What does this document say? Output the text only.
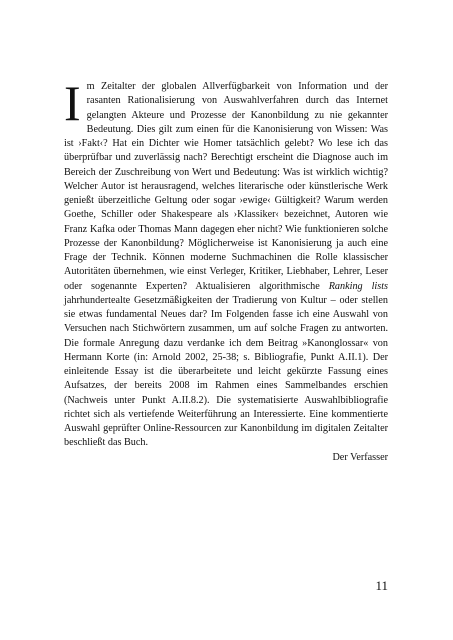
Im Zeitalter der globalen Allverfügbarkeit von Information und der rasanten Rationalisierung von Auswahlverfahren durch das Internet gelangten Akteure und Prozesse der Kanonbildung zu nie gekannter Bedeutung. Dies gilt zum einen für die Kanonisierung von Wissen: Was ist ›Fakt‹? Hat ein Dichter wie Homer tatsächlich gelebt? Wo lese ich das überprüfbar und zuverlässig nach? Berechtigt erscheint die Diagnose auch im Bereich der Zuschreibung von Wert und Bedeutung: Was ist wirklich wichtig? Welcher Autor ist herausragend, welches literarische oder künstlerische Werk genießt überzeitliche Geltung oder sogar ›ewige‹ Gültigkeit? Warum werden Goethe, Schiller oder Shakespeare als ›Klassiker‹ bezeichnet, Autoren wie Franz Kafka oder Thomas Mann dagegen eher nicht? Wie funktionieren solche Prozesse der Kanonbildung? Möglicherweise ist Kanonisierung ja auch eine Frage der Technik. Können moderne Suchmachinen die Rolle klassischer Autoritäten übernehmen, wie einst Verleger, Kritiker, Liebhaber, Lehrer, Leser oder sogenannte Experten? Aktualisieren algorithmische Ranking lists jahrhundertealte Gesetzmäßigkeiten der Tradierung von Kultur – oder stellen sie etwas fundamental Neues dar? Im Folgenden fasse ich eine Auswahl von Versuchen nach Stichwörtern zusammen, um auf solche Fragen zu antworten. Die formale Anregung dazu verdanke ich dem Beitrag »Kanonglossar« von Hermann Korte (in: Arnold 2002, 25-38; s. Bibliografie, Punkt A.II.1). Der einleitende Essay ist die überarbeitete und leicht gekürzte Fassung eines Aufsatzes, der bereits 2008 im Rahmen eines Sammelbandes erschien (Nachweis unter Punkt A.II.8.2). Die systematisierte Auswahlbibliografie richtet sich als vertiefende Weiterführung an Interessierte. Eine kommentierte Auswahl geprüfter Online-Ressourcen zur Kanonbildung im digitalen Zeitalter beschließt das Buch.

Der Verfasser

11
